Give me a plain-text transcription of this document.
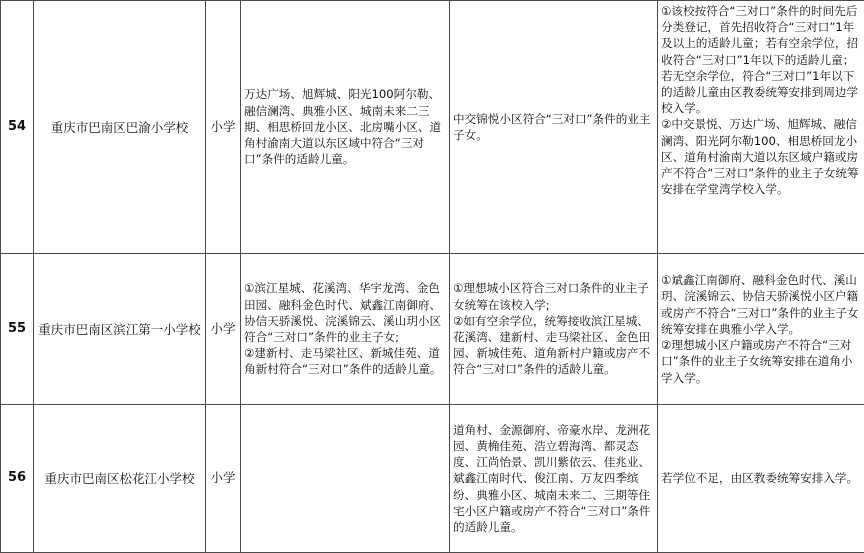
54	重庆市巴南区巴渝小学校	小学	万达广场、旭辉城、阳光100阿尔勒、融信澜湾、典雅小区、城南未来二三期、相思桥回龙小区、北房嘴小区、道角村渝南大道以东区域中符合“三对口”条件的适龄儿童。	中交锦悦小区符合“三对口”条件的业主子女。	①该校按符合“三对口”条件的时间先后分类登记，首先招收符合“三对口”1年及以上的适龄儿童；若有空余学位，招收符合“三对口”1年以下的适龄儿童；若无空余学位，符合“三对口”1年以下的适龄儿童由区教委统筹安排到周边学校入学。
②中交景悦、万达广场、旭辉城、融信澜湾、阳光阿尔勒100、相思桥回龙小区、道角村渝南大道以东区域户籍或房产不符合“三对口”条件的业主子女统筹安排在学堂湾学校入学。

55	重庆市巴南区滨江第一小学校	小学	①滨江星城、花溪湾、华宇龙湾、金色田园、融科金色时代、斌鑫江南御府、协信天骄溪悦、浣溪锦云、溪山玥小区符合“三对口”条件的业主子女;
②建新村、走马梁社区、新城佳苑、道角新村符合“三对口”条件的适龄儿童。	①理想城小区符合三对口条件的业主子女统筹在该校入学;
②如有空余学位，统筹接收滨江星城、花溪湾、建新村、走马梁社区、金色田园、新城佳苑、道角新村户籍或房产不符合“三对口”条件的适龄儿童。	①斌鑫江南御府、融科金色时代、溪山玥、浣溪锦云、协信天骄溪悦小区户籍或房产不符合“三对口”条件的业主子女统筹安排在典雅小学入学。
②理想城小区户籍或房产不符合“三对口”条件的业主子女统筹安排在道角小学入学。

56	重庆市巴南区松花江小学校	小学		道角村、金源御府、帝豪水岸、龙洲花园、黄桷佳苑、浩立碧海湾、都灵态度、江尚怡景、凯川紫依云、佳兆业、斌鑫江南时代、俊江南、万友四季缤纷、典雅小区、城南未来二、三期等住宅小区户籍或房产不符合“三对口”条件的适龄儿童。	若学位不足，由区教委统筹安排入学。
